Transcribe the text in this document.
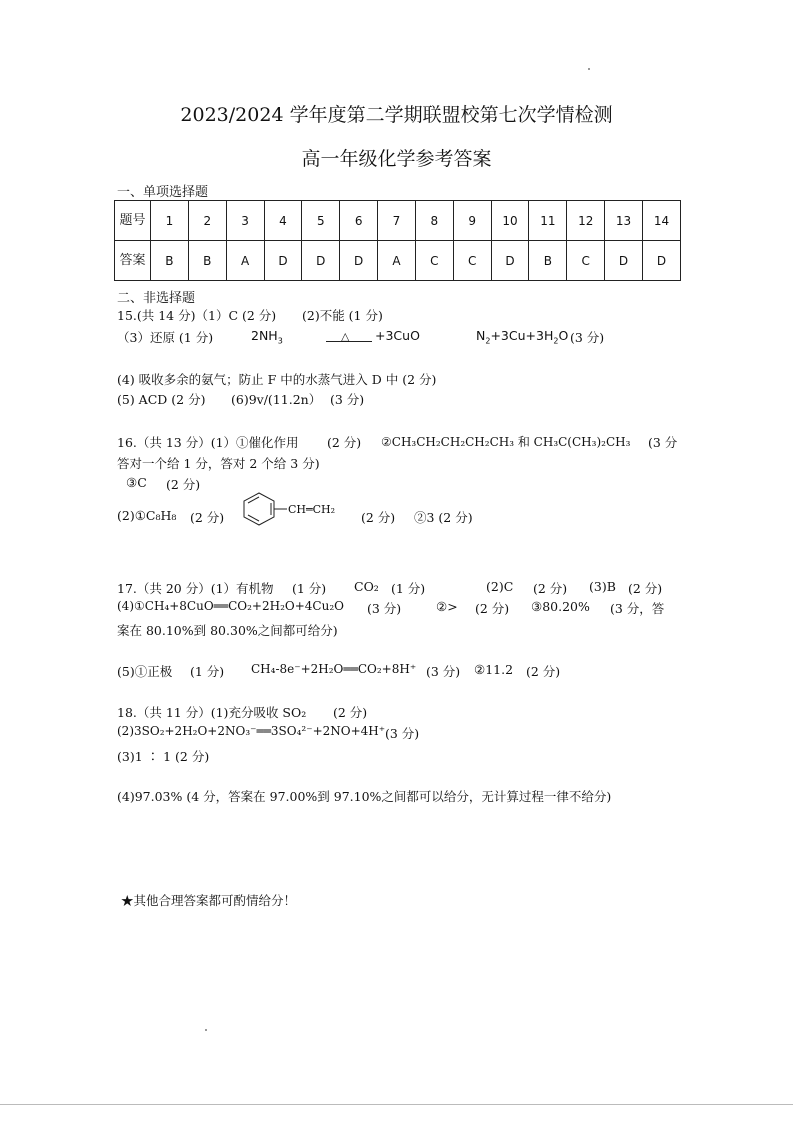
2023/2024 学年度第二学期联盟校第七次学情检测
高一年级化学参考答案
一、单项选择题
题号	1	2	3	4	5	6	7	8	9	10	11	12	13	14
答案	B	B	A	D	D	D	A	C	C	D	B	C	D	D
二、非选择题
15.(共 14 分)（1）C (2 分) (2)不能 (1 分)
（3）还原 (1 分)	$2NH_3$	△ +3CuO	$N_2+3Cu+3H_2O$ (3 分)
(4) 吸收多余的氨气；防止 F 中的水蒸气进入 D 中 (2 分)
(5) ACD (2 分) (6)9v/(11.2n） (3 分)
16.（共 13 分）(1）①催化作用 (2 分) ②CH₃CH₂CH₂CH₂CH₃ 和 CH₃C(CH₃)₂CH₃ (3 分
答对一个给 1 分，答对 2 个给 3 分)
③C (2 分)
(2)①C₈H₈ (2 分)
CH═CH₂
(2 分) ②3 (2 分)
17.（共 20 分）(1）有机物 (1 分) CO₂ (1 分)	(2)C (2 分) (3)B (2 分)
(4)①CH₄+8CuO══CO₂+2H₂O+4Cu₂O (3 分)	②> (2 分) ③80.20% (3 分，答
案在 80.10%到 80.30%之间都可给分)
(5)①正极 (1 分) CH₄-8e⁻+2H₂O══CO₂+8H⁺ (3 分) ②11.2 (2 分)
18.（共 11 分）(1)充分吸收 SO₂ (2 分)
(2)3SO₂+2H₂O+2NO₃⁻══3SO₄²⁻+2NO+4H⁺ (3 分)
(3)1 ∶ 1 (2 分)
(4)97.03% (4 分，答案在 97.00%到 97.10%之间都可以给分，无计算过程一律不给分)
★其他合理答案都可酌情给分！
